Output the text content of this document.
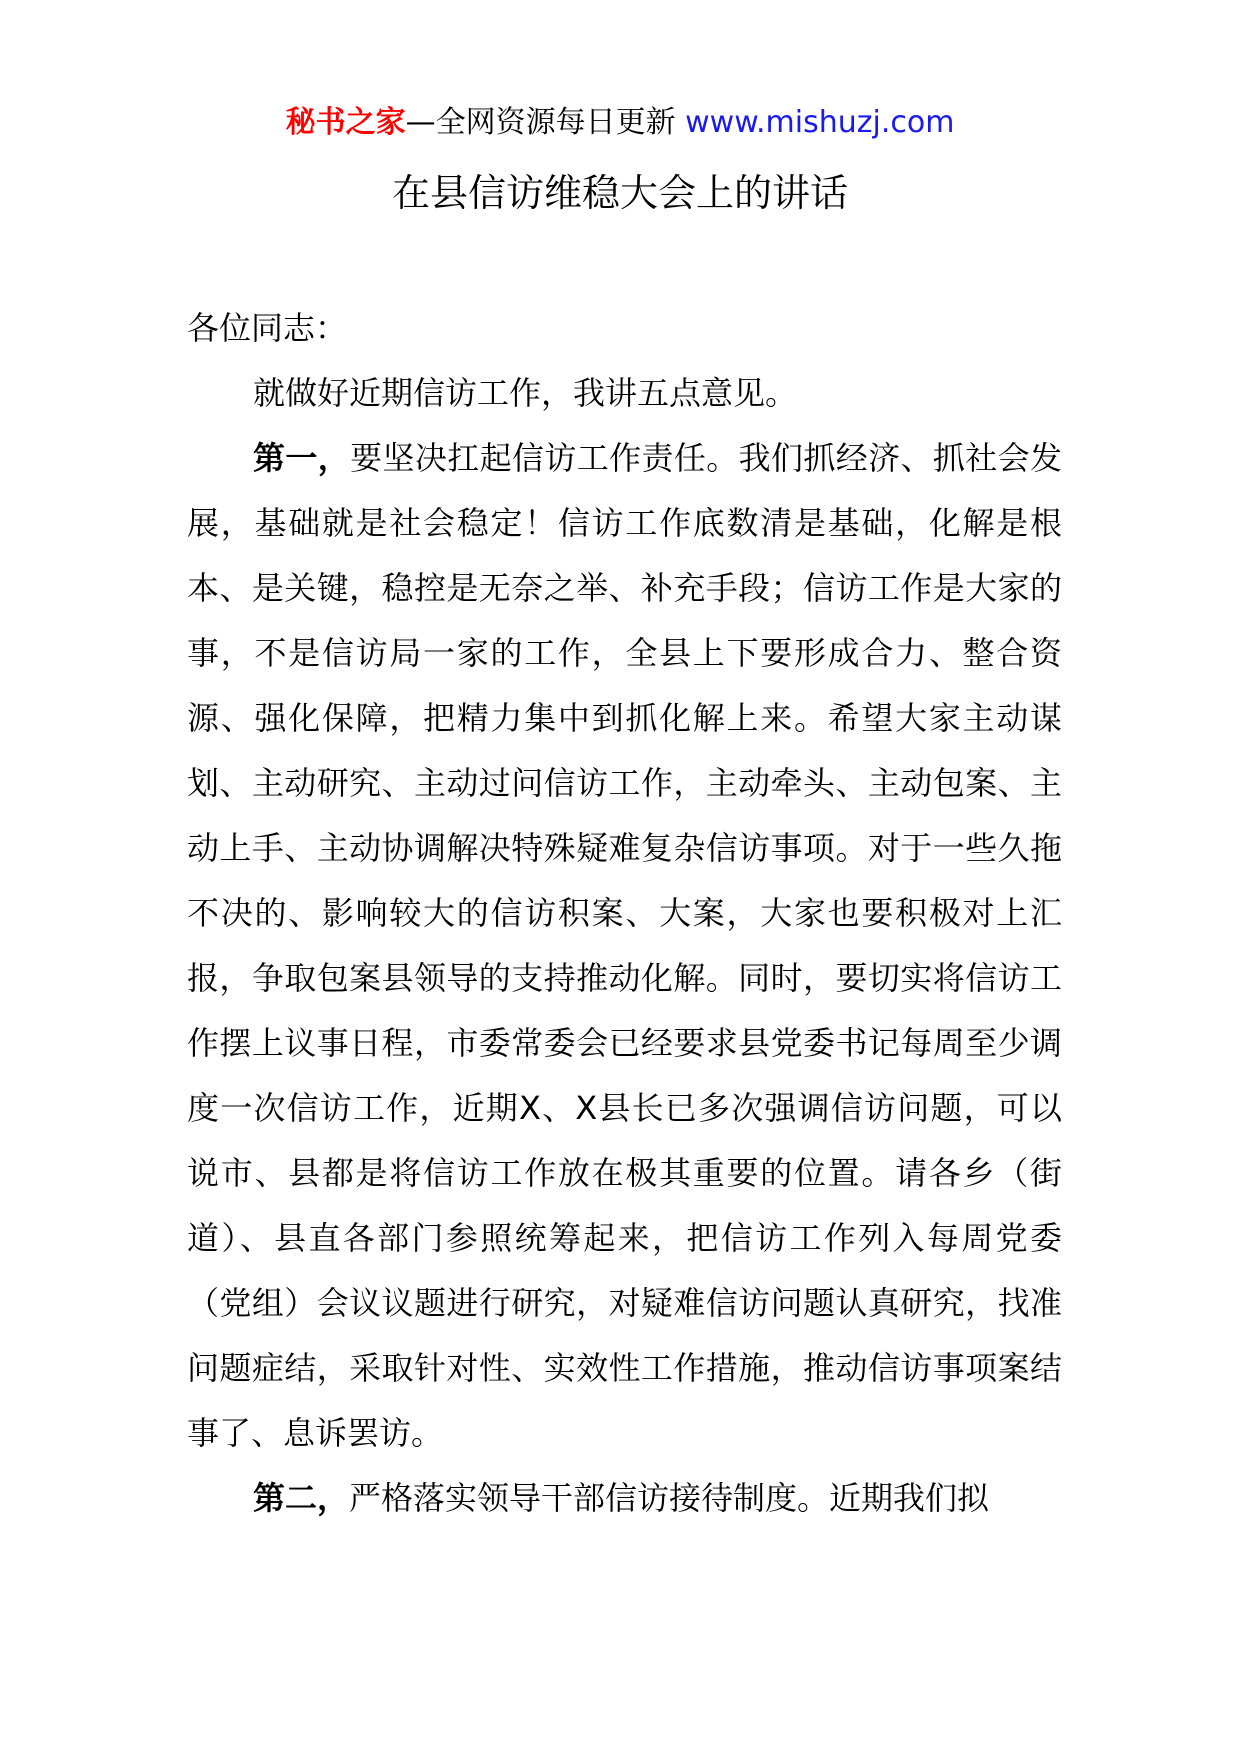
秘书之家—全网资源每日更新 www.mishuzj.com
在县信访维稳大会上的讲话

各位同志：

就做好近期信访工作，我讲五点意见。

第一，要坚决扛起信访工作责任。我们抓经济、抓社会发展，基础就是社会稳定！信访工作底数清是基础，化解是根本、是关键，稳控是无奈之举、补充手段；信访工作是大家的事，不是信访局一家的工作，全县上下要形成合力、整合资源、强化保障，把精力集中到抓化解上来。希望大家主动谋划、主动研究、主动过问信访工作，主动牵头、主动包案、主动上手、主动协调解决特殊疑难复杂信访事项。对于一些久拖不决的、影响较大的信访积案、大案，大家也要积极对上汇报，争取包案县领导的支持推动化解。同时，要切实将信访工作摆上议事日程，市委常委会已经要求县党委书记每周至少调度一次信访工作，近期X、X县长已多次强调信访问题，可以说市、县都是将信访工作放在极其重要的位置。请各乡（街道）、县直各部门参照统筹起来，把信访工作列入每周党委（党组）会议议题进行研究，对疑难信访问题认真研究，找准问题症结，采取针对性、实效性工作措施，推动信访事项案结事了、息诉罢访。

第二，严格落实领导干部信访接待制度。近期我们拟
